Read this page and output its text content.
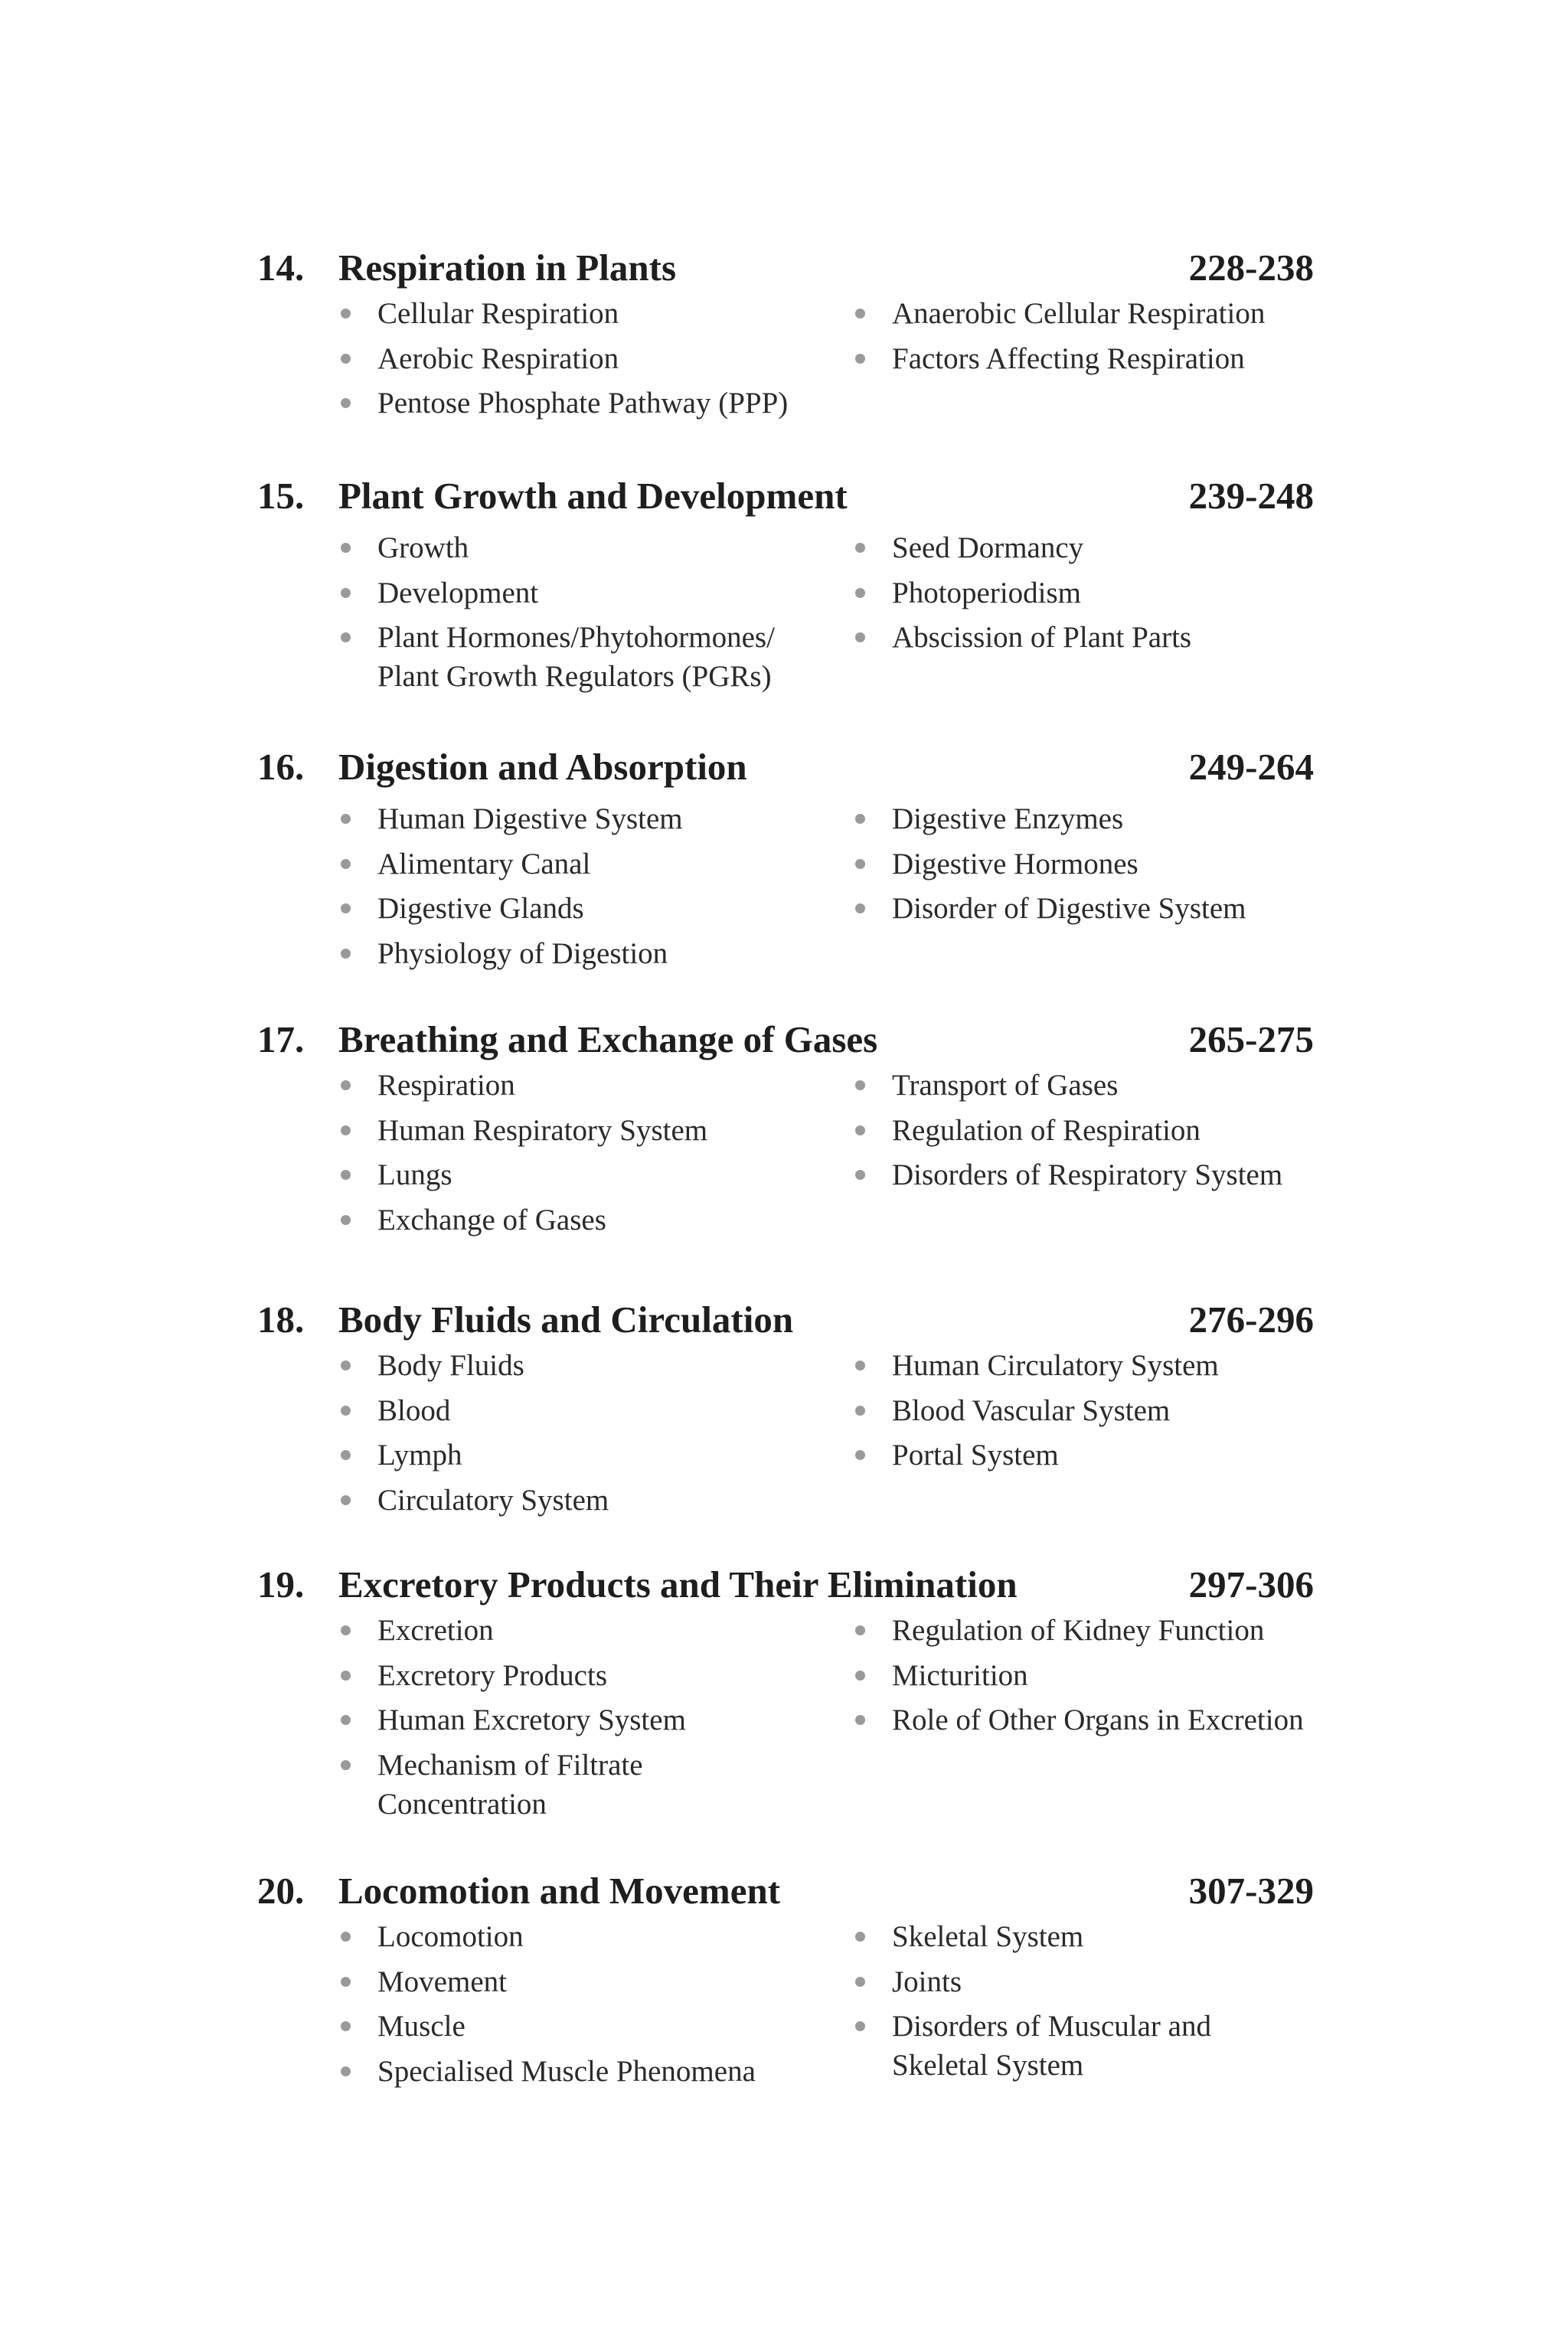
14. Respiration in Plants	228-238
Cellular Respiration
Aerobic Respiration
Pentose Phosphate Pathway (PPP)
Anaerobic Cellular Respiration
Factors Affecting Respiration
15. Plant Growth and Development	239-248
Growth
Development
Plant Hormones/Phytohormones/ Plant Growth Regulators (PGRs)
Seed Dormancy
Photoperiodism
Abscission of Plant Parts
16. Digestion and Absorption	249-264
Human Digestive System
Alimentary Canal
Digestive Glands
Physiology of Digestion
Digestive Enzymes
Digestive Hormones
Disorder of Digestive System
17. Breathing and Exchange of Gases	265-275
Respiration
Human Respiratory System
Lungs
Exchange of Gases
Transport of Gases
Regulation of Respiration
Disorders of Respiratory System
18. Body Fluids and Circulation	276-296
Body Fluids
Blood
Lymph
Circulatory System
Human Circulatory System
Blood Vascular System
Portal System
19. Excretory Products and Their Elimination	297-306
Excretion
Excretory Products
Human Excretory System
Mechanism of Filtrate Concentration
Regulation of Kidney Function
Micturition
Role of Other Organs in Excretion
20. Locomotion and Movement	307-329
Locomotion
Movement
Muscle
Specialised Muscle Phenomena
Skeletal System
Joints
Disorders of Muscular and Skeletal System
